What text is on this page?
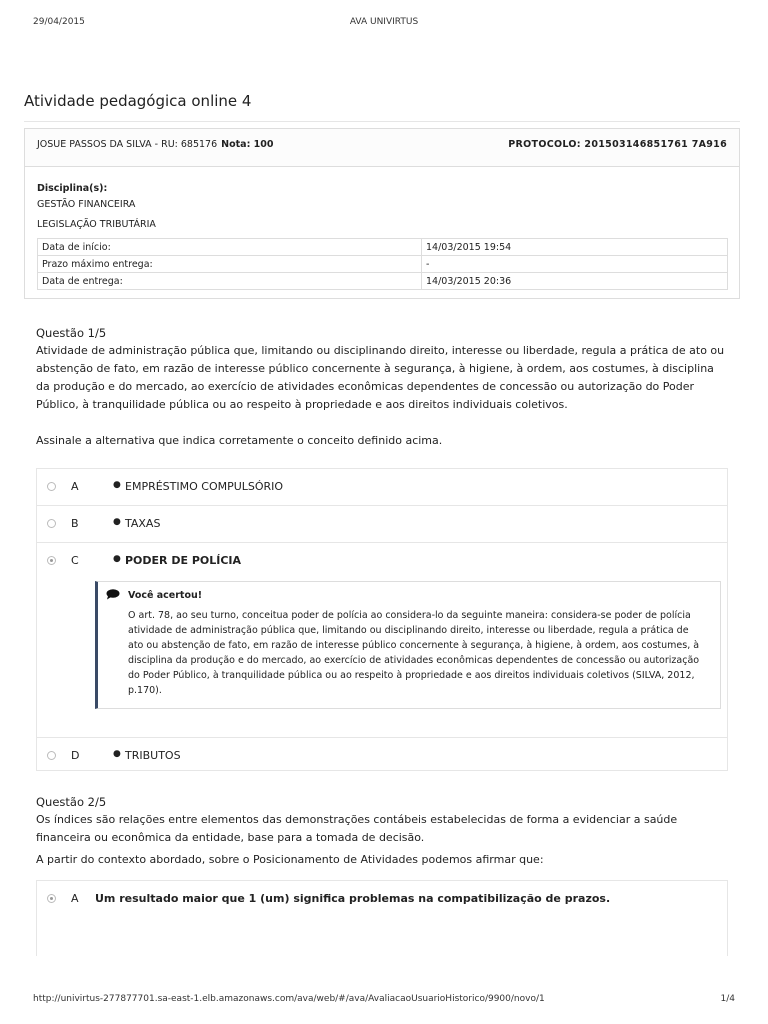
29/04/2015	AVA UNIVIRTUS
Atividade pedagógica online 4
JOSUE PASSOS DA SILVA - RU: 685176 Nota: 100	PROTOCOLO: 201503146851761 7A916
Disciplina(s):
GESTÃO FINANCEIRA
LEGISLAÇÃO TRIBUTÁRIA
Data de início:	14/03/2015 19:54
Prazo máximo entrega:	-
Data de entrega:	14/03/2015 20:36
Questão 1/5
Atividade de administração pública que, limitando ou disciplinando direito, interesse ou liberdade, regula a prática de ato ou abstenção de fato, em razão de interesse público concernente à segurança, à higiene, à ordem, aos costumes, à disciplina da produção e do mercado, ao exercício de atividades econômicas dependentes de concessão ou autorização do Poder Público, à tranquilidade pública ou ao respeito à propriedade e aos direitos individuais coletivos.
Assinale a alternativa que indica corretamente o conceito definido acima.
A	● EMPRÉSTIMO COMPULSÓRIO
B	● TAXAS
C	● PODER DE POLÍCIA
Você acertou!
O art. 78, ao seu turno, conceitua poder de polícia ao considera-lo da seguinte maneira: considera-se poder de polícia atividade de administração pública que, limitando ou disciplinando direito, interesse ou liberdade, regula a prática de ato ou abstenção de fato, em razão de interesse público concernente à segurança, à higiene, à ordem, aos costumes, à disciplina da produção e do mercado, ao exercício de atividades econômicas dependentes de concessão ou autorização do Poder Público, à tranquilidade pública ou ao respeito à propriedade e aos direitos individuais coletivos (SILVA, 2012, p.170).
D	● TRIBUTOS
Questão 2/5
Os índices são relações entre elementos das demonstrações contábeis estabelecidas de forma a evidenciar a saúde financeira ou econômica da entidade, base para a tomada de decisão.
A partir do contexto abordado, sobre o Posicionamento de Atividades podemos afirmar que:
A Um resultado maior que 1 (um) significa problemas na compatibilização de prazos.
http://univirtus-277877701.sa-east-1.elb.amazonaws.com/ava/web/#/ava/AvaliacaoUsuarioHistorico/9900/novo/1	1/4
